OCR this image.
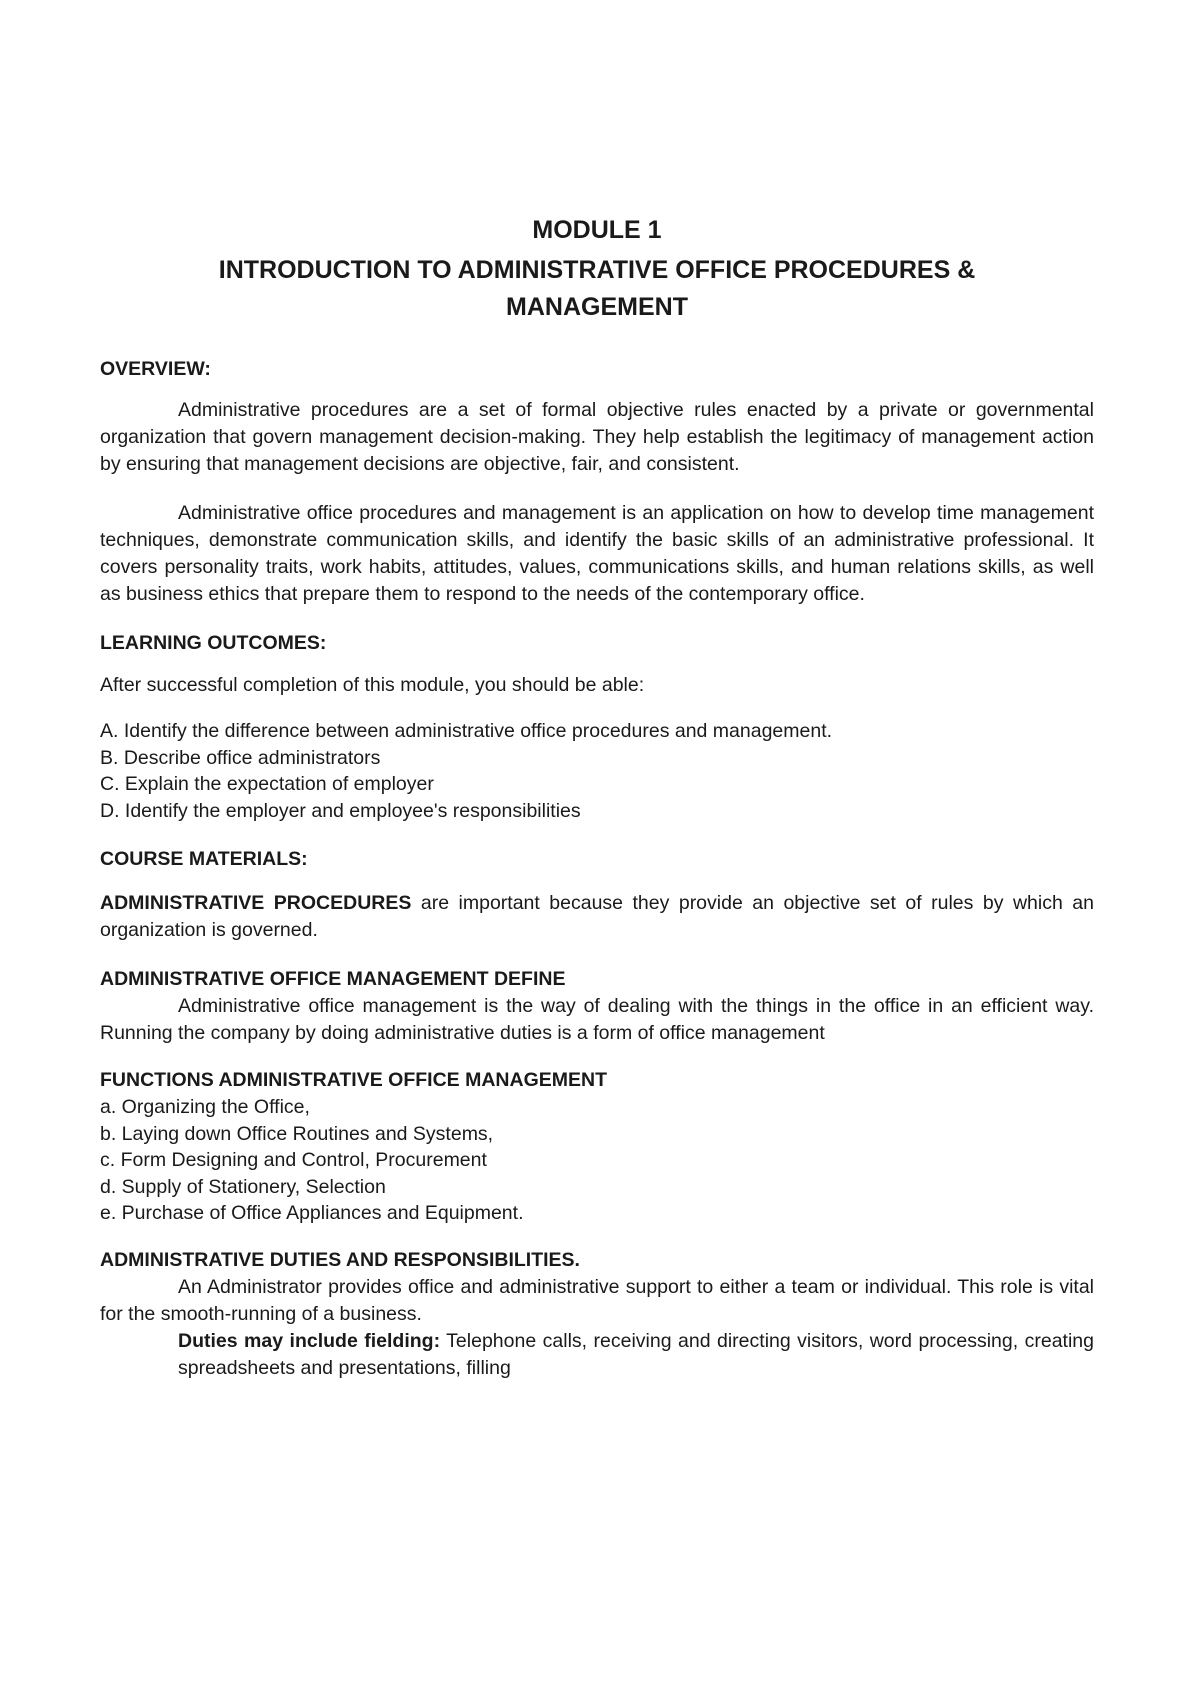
MODULE 1
INTRODUCTION TO ADMINISTRATIVE OFFICE PROCEDURES &
MANAGEMENT
OVERVIEW:

Administrative procedures are a set of formal objective rules enacted by a private or governmental organization that govern management decision-making. They help establish the legitimacy of management action by ensuring that management decisions are objective, fair, and consistent.

Administrative office procedures and management is an application on how to develop time management techniques, demonstrate communication skills, and identify the basic skills of an administrative professional. It covers personality traits, work habits, attitudes, values, communications skills, and human relations skills, as well as business ethics that prepare them to respond to the needs of the contemporary office.

LEARNING OUTCOMES:

After successful completion of this module, you should be able:

A. Identify the difference between administrative office procedures and management.
B. Describe office administrators
C. Explain the expectation of employer
D. Identify the employer and employee's responsibilities
COURSE MATERIALS:

ADMINISTRATIVE PROCEDURES are important because they provide an objective set of rules by which an organization is governed.

ADMINISTRATIVE OFFICE MANAGEMENT DEFINE

Administrative office management is the way of dealing with the things in the office in an efficient way. Running the company by doing administrative duties is a form of office management

FUNCTIONS ADMINISTRATIVE OFFICE MANAGEMENT
a. Organizing the Office,
b. Laying down Office Routines and Systems,
c. Form Designing and Control, Procurement
d. Supply of Stationery, Selection
e. Purchase of Office Appliances and Equipment.
ADMINISTRATIVE DUTIES AND RESPONSIBILITIES.

An Administrator provides office and administrative support to either a team or individual. This role is vital for the smooth-running of a business.

Duties may include fielding: Telephone calls, receiving and directing visitors, word processing, creating spreadsheets and presentations, filling
